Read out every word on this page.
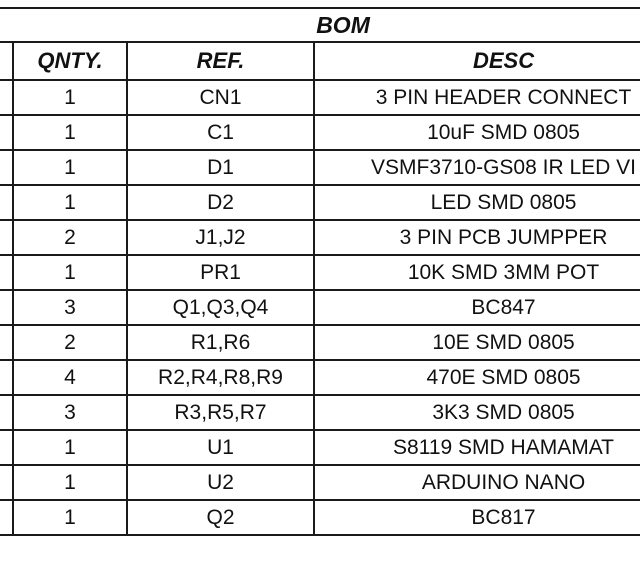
BOM			
	QNTY.	REF.	DESC
	1	CN1	3 PIN HEADER CONNECT
	1	C1	10uF SMD 0805
	1	D1	VSMF3710-GS08 IR LED VI
	1	D2	LED SMD 0805
	2	J1,J2	3 PIN PCB JUMPPER
	1	PR1	10K SMD 3MM POT
	3	Q1,Q3,Q4	BC847
	2	R1,R6	10E SMD 0805
	4	R2,R4,R8,R9	470E SMD 0805
	3	R3,R5,R7	3K3 SMD 0805
	1	U1	S8119 SMD HAMAMAT
	1	U2	ARDUINO NANO
	1	Q2	BC817
